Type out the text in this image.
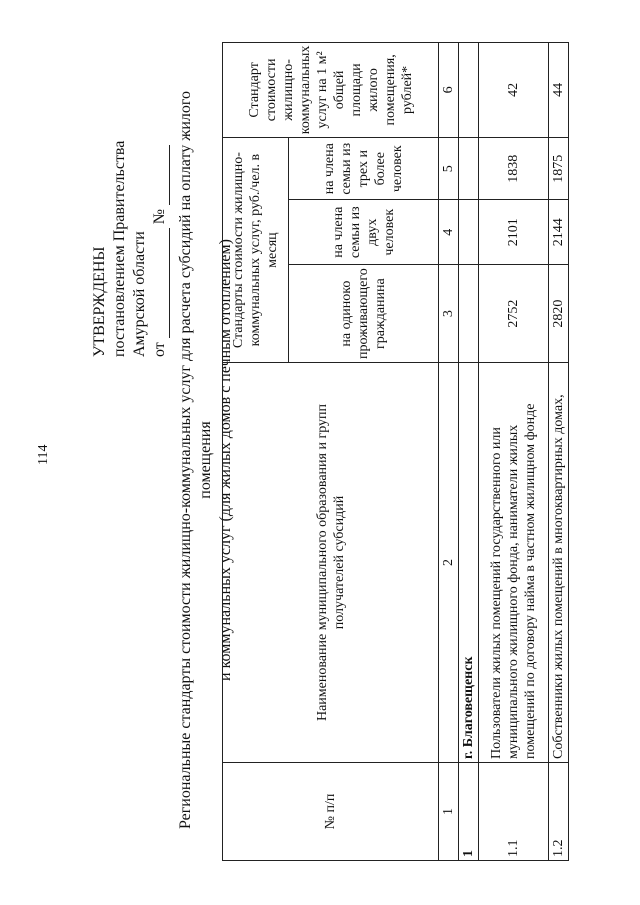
114
УТВЕРЖДЕНЫ постановлением Правительства Амурской области от  № Региональные стандарты стоимости жилищно-коммунальных услуг для расчета субсидий на оплату жилого помещения и коммунальных услуг (для жилых домов с печным отоплением)
№ п/п	Наименование муниципального образования и групп получателей субсидий	Стандарты стоимости жилищно-коммунальных услуг, руб./чел. в месяц			Стандарт стоимости жилищно-коммунальных услуг на 1 м² общей площади жилого помещения, рублей*
		на одиноко проживающего гражданина	на члена семьи из двух человек	на члена семьи из трех и более человек	
1	2	3	4	5	6
1	г. Благовещенск				
1.1	Пользователи жилых помещений государственного или муниципального жилищного фонда, наниматели жилых помещений по договору найма в частном жилищном фонде	2752	2101	1838	42
1.2	Собственники жилых помещений в многоквартирных домах,	2820	2144	1875	44
